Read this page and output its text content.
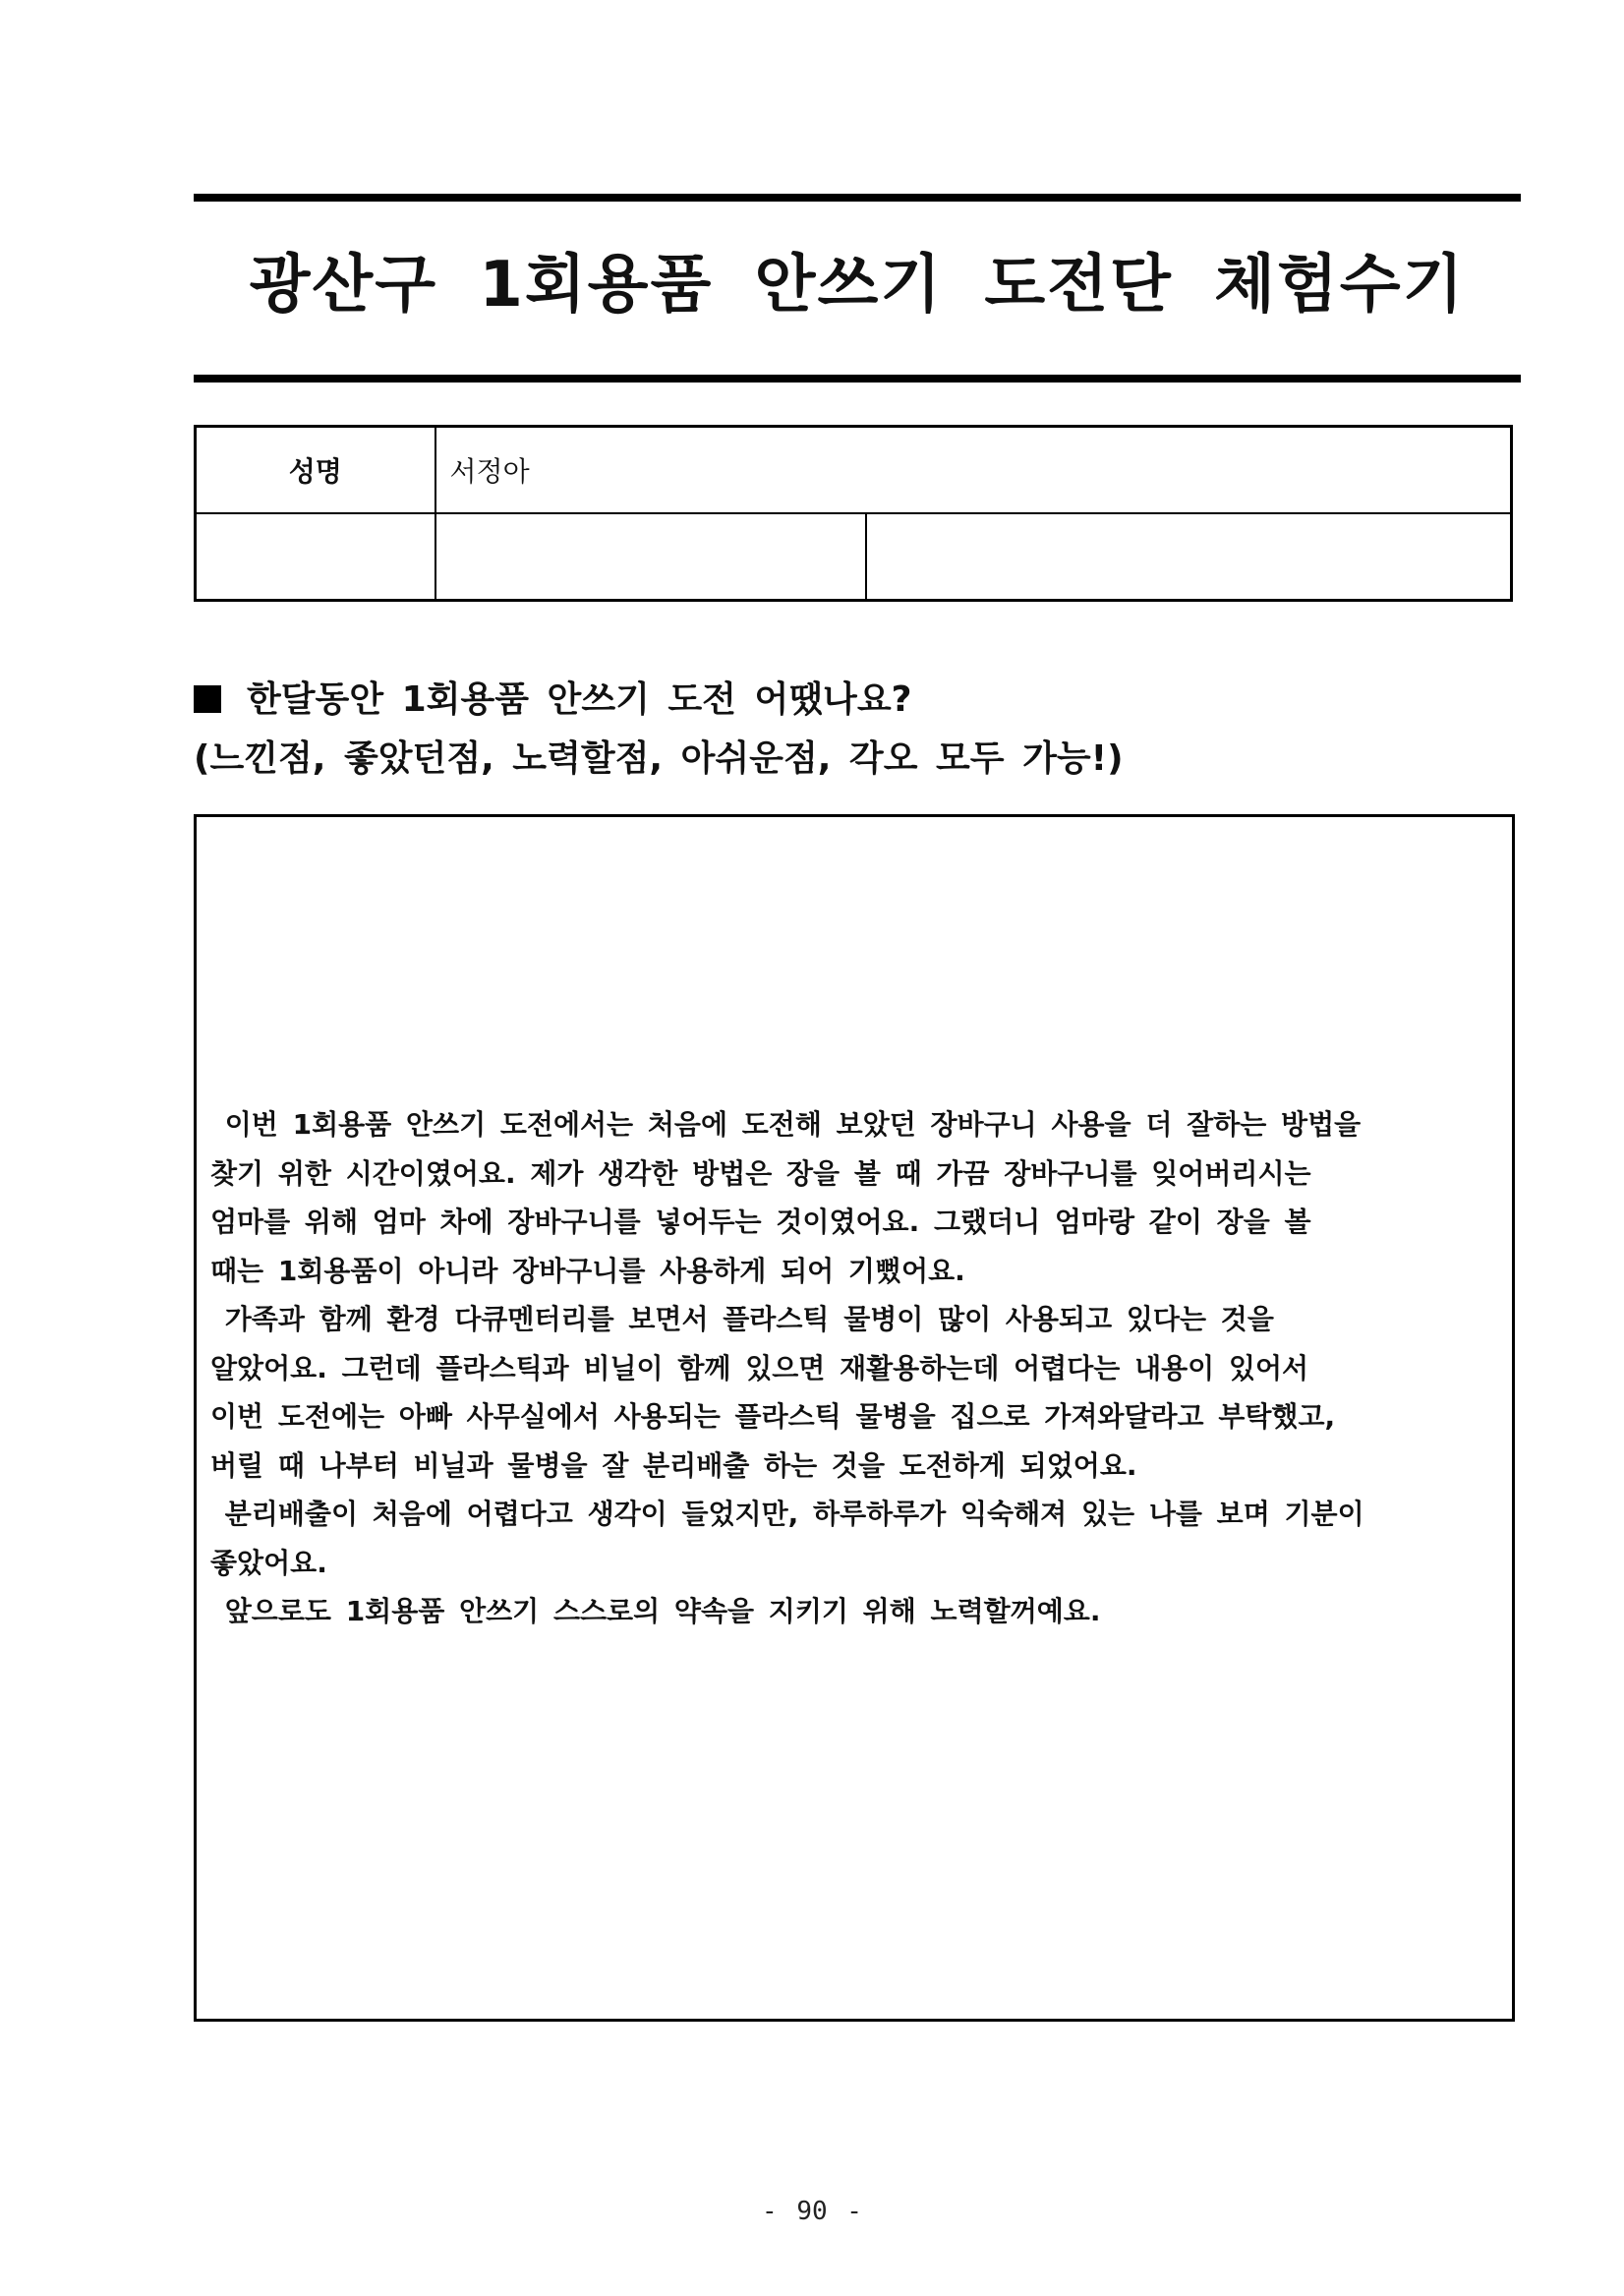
광산구 1회용품 안쓰기 도전단 체험수기
성명	서정아	

한달동안 1회용품 안쓰기 도전 어땠나요?
(느낀점, 좋았던점, 노력할점, 아쉬운점, 각오 모두 가능!)

이번 1회용품 안쓰기 도전에서는 처음에 도전해 보았던 장바구니 사용을 더 잘하는 방법을

찾기 위한 시간이였어요. 제가 생각한 방법은 장을 볼 때 가끔 장바구니를 잊어버리시는

엄마를 위해 엄마 차에 장바구니를 넣어두는 것이였어요. 그랬더니 엄마랑 같이 장을 볼

때는 1회용품이 아니라 장바구니를 사용하게 되어 기뻤어요.

가족과 함께 환경 다큐멘터리를 보면서 플라스틱 물병이 많이 사용되고 있다는 것을

알았어요. 그런데 플라스틱과 비닐이 함께 있으면 재활용하는데 어렵다는 내용이 있어서

이번 도전에는 아빠 사무실에서 사용되는 플라스틱 물병을 집으로 가져와달라고 부탁했고,

버릴 때 나부터 비닐과 물병을 잘 분리배출 하는 것을 도전하게 되었어요.

분리배출이 처음에 어렵다고 생각이 들었지만, 하루하루가 익숙해져 있는 나를 보며 기분이

좋았어요.

앞으로도 1회용품 안쓰기 스스로의 약속을 지키기 위해 노력할꺼예요.

- 90 -
